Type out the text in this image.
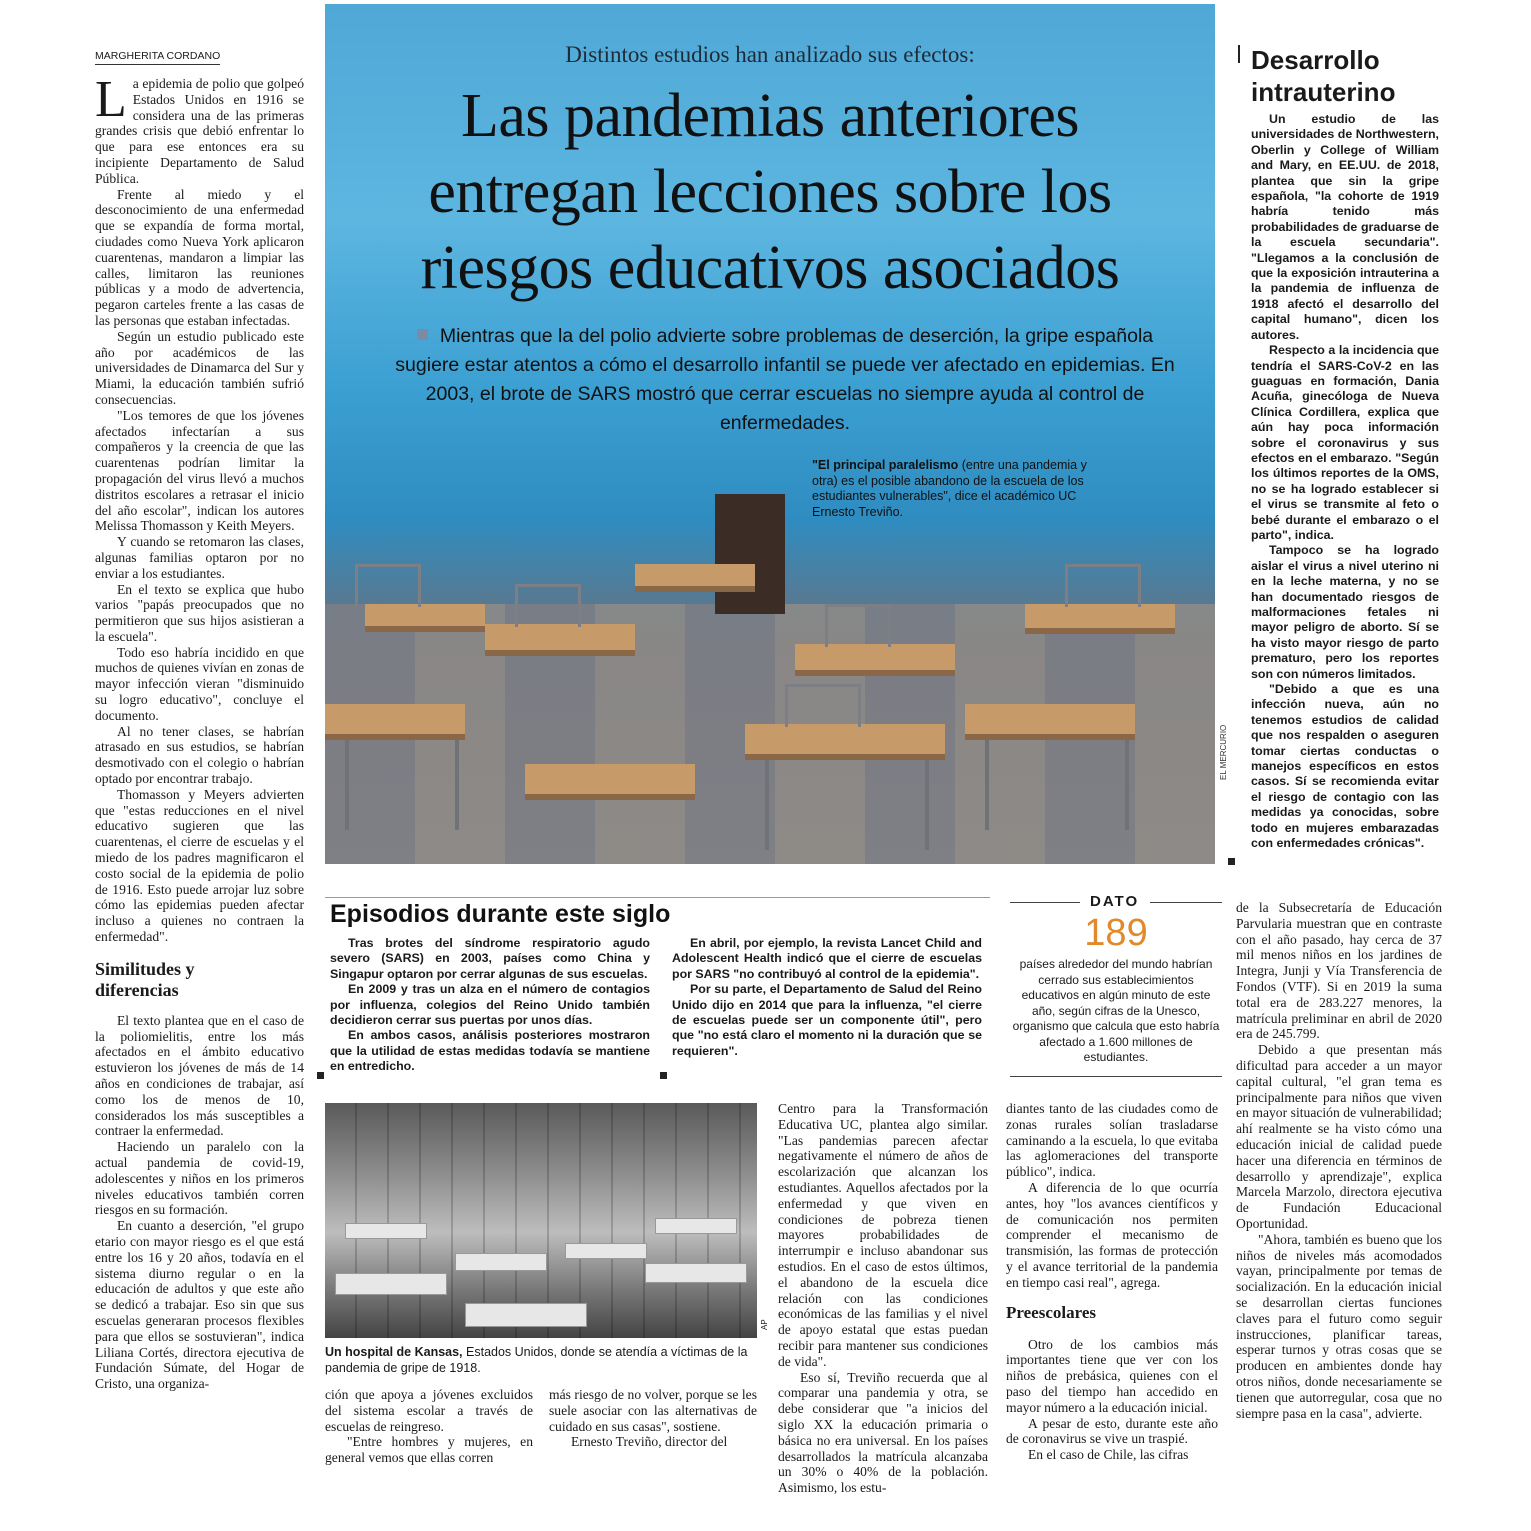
MARGHERITA CORDANO

La epidemia de polio que golpeó Estados Unidos en 1916 se considera una de las primeras grandes crisis que debió enfrentar lo que para ese entonces era su incipiente Departamento de Salud Pública.

Frente al miedo y el desconocimiento de una enfermedad que se expandía de forma mortal, ciudades como Nueva York aplicaron cuarentenas, mandaron a limpiar las calles, limitaron las reuniones públicas y a modo de advertencia, pegaron carteles frente a las casas de las personas que estaban infectadas.

Según un estudio publicado este año por académicos de las universidades de Dinamarca del Sur y Miami, la educación también sufrió consecuencias.

"Los temores de que los jóvenes afectados infectarían a sus compañeros y la creencia de que las cuarentenas podrían limitar la propagación del virus llevó a muchos distritos escolares a retrasar el inicio del año escolar", indican los autores Melissa Thomasson y Keith Meyers.

Y cuando se retomaron las clases, algunas familias optaron por no enviar a los estudiantes.

En el texto se explica que hubo varios "papás preocupados que no permitieron que sus hijos asistieran a la escuela".

Todo eso habría incidido en que muchos de quienes vivían en zonas de mayor infección vieran "disminuido su logro educativo", concluye el documento.

Al no tener clases, se habrían atrasado en sus estudios, se habrían desmotivado con el colegio o habrían optado por encontrar trabajo.

Thomasson y Meyers advierten que "estas reducciones en el nivel educativo sugieren que las cuarentenas, el cierre de escuelas y el miedo de los padres magnificaron el costo social de la epidemia de polio de 1916. Esto puede arrojar luz sobre cómo las epidemias pueden afectar incluso a quienes no contraen la enfermedad".

Similitudes y diferencias

El texto plantea que en el caso de la poliomielitis, entre los más afectados en el ámbito educativo estuvieron los jóvenes de más de 14 años en condiciones de trabajar, así como los de menos de 10, considerados los más susceptibles a contraer la enfermedad.

Haciendo un paralelo con la actual pandemia de covid-19, adolescentes y niños en los primeros niveles educativos también corren riesgos en su formación.

En cuanto a deserción, "el grupo etario con mayor riesgo es el que está entre los 16 y 20 años, todavía en el sistema diurno regular o en la educación de adultos y que este año se dedicó a trabajar. Eso sin que sus escuelas generaran procesos flexibles para que ellos se sostuvieran", indica Liliana Cortés, directora ejecutiva de Fundación Súmate, del Hogar de Cristo, una organiza-

Distintos estudios han analizado sus efectos:
Las pandemias anteriores
entregan lecciones sobre los
riesgos educativos asociados
Mientras que la del polio advierte sobre problemas de deserción, la gripe española sugiere estar atentos a cómo el desarrollo infantil se puede ver afectado en epidemias. En 2003, el brote de SARS mostró que cerrar escuelas no siempre ayuda al control de enfermedades.
"El principal paralelismo (entre una pandemia y otra) es el posible abandono de la escuela de los estudiantes vulnerables", dice el académico UC Ernesto Treviño.
EL MERCURIO
Desarrollo intrauterino

Un estudio de las universidades de Northwestern, Oberlin y College of William and Mary, en EE.UU. de 2018, plantea que sin la gripe española, "la cohorte de 1919 habría tenido más probabilidades de graduarse de la escuela secundaria". "Llegamos a la conclusión de que la exposición intrauterina a la pandemia de influenza de 1918 afectó el desarrollo del capital humano", dicen los autores.

Respecto a la incidencia que tendría el SARS-CoV-2 en las guaguas en formación, Dania Acuña, ginecóloga de Nueva Clínica Cordillera, explica que aún hay poca información sobre el coronavirus y sus efectos en el embarazo. "Según los últimos reportes de la OMS, no se ha logrado establecer si el virus se transmite al feto o bebé durante el embarazo o el parto", indica.

Tampoco se ha logrado aislar el virus a nivel uterino ni en la leche materna, y no se han documentado riesgos de malformaciones fetales ni mayor peligro de aborto. Sí se ha visto mayor riesgo de parto prematuro, pero los reportes son con números limitados.

"Debido a que es una infección nueva, aún no tenemos estudios de calidad que nos respalden o aseguren tomar ciertas conductas o manejos específicos en estos casos. Sí se recomienda evitar el riesgo de contagio con las medidas ya conocidas, sobre todo en mujeres embarazadas con enfermedades crónicas".

Episodios durante este siglo

Tras brotes del síndrome respiratorio agudo severo (SARS) en 2003, países como China y Singapur optaron por cerrar algunas de sus escuelas.

En 2009 y tras un alza en el número de contagios por influenza, colegios del Reino Unido también decidieron cerrar sus puertas por unos días.

En ambos casos, análisis posteriores mostraron que la utilidad de estas medidas todavía se mantiene en entredicho.

En abril, por ejemplo, la revista Lancet Child and Adolescent Health indicó que el cierre de escuelas por SARS "no contribuyó al control de la epidemia".

Por su parte, el Departamento de Salud del Reino Unido dijo en 2014 que para la influenza, "el cierre de escuelas puede ser un componente útil", pero que "no está claro el momento ni la duración que se requieren".

DATO
189
países alrededor del mundo habrían cerrado sus establecimientos educativos en algún minuto de este año, según cifras de la Unesco, organismo que calcula que esto habría afectado a 1.600 millones de estudiantes.
AP
Un hospital de Kansas, Estados Unidos, donde se atendía a víctimas de la pandemia de gripe de 1918.

ción que apoya a jóvenes excluidos del sistema escolar a través de escuelas de reingreso.

"Entre hombres y mujeres, en general vemos que ellas corren

más riesgo de no volver, porque se les suele asociar con las alternativas de cuidado en sus casas", sostiene.

Ernesto Treviño, director del

Centro para la Transformación Educativa UC, plantea algo similar. "Las pandemias parecen afectar negativamente el número de años de escolarización que alcanzan los estudiantes. Aquellos afectados por la enfermedad y que viven en condiciones de pobreza tienen mayores probabilidades de interrumpir e incluso abandonar sus estudios. En el caso de estos últimos, el abandono de la escuela dice relación con las condiciones económicas de las familias y el nivel de apoyo estatal que estas puedan recibir para mantener sus condiciones de vida".

Eso sí, Treviño recuerda que al comparar una pandemia y otra, se debe considerar que "a inicios del siglo XX la educación primaria o básica no era universal. En los países desarrollados la matrícula alcanzaba un 30% o 40% de la población. Asimismo, los estu-

diantes tanto de las ciudades como de zonas rurales solían trasladarse caminando a la escuela, lo que evitaba las aglomeraciones del transporte público", indica.

A diferencia de lo que ocurría antes, hoy "los avances científicos y de comunicación nos permiten comprender el mecanismo de transmisión, las formas de protección y el avance territorial de la pandemia en tiempo casi real", agrega.

Preescolares

Otro de los cambios más importantes tiene que ver con los niños de prebásica, quienes con el paso del tiempo han accedido en mayor número a la educación inicial.

A pesar de esto, durante este año de coronavirus se vive un traspié.

En el caso de Chile, las cifras

de la Subsecretaría de Educación Parvularia muestran que en contraste con el año pasado, hay cerca de 37 mil menos niños en los jardines de Integra, Junji y Vía Transferencia de Fondos (VTF). Si en 2019 la suma total era de 283.227 menores, la matrícula preliminar en abril de 2020 era de 245.799.

Debido a que presentan más dificultad para acceder a un mayor capital cultural, "el gran tema es principalmente para niños que viven en mayor situación de vulnerabilidad; ahí realmente se ha visto cómo una educación inicial de calidad puede hacer una diferencia en términos de desarrollo y aprendizaje", explica Marcela Marzolo, directora ejecutiva de Fundación Educacional Oportunidad.

"Ahora, también es bueno que los niños de niveles más acomodados vayan, principalmente por temas de socialización. En la educación inicial se desarrollan ciertas funciones claves para el futuro como seguir instrucciones, planificar tareas, esperar turnos y otras cosas que se producen en ambientes donde hay otros niños, donde necesariamente se tienen que autorregular, cosa que no siempre pasa en la casa", advierte.
